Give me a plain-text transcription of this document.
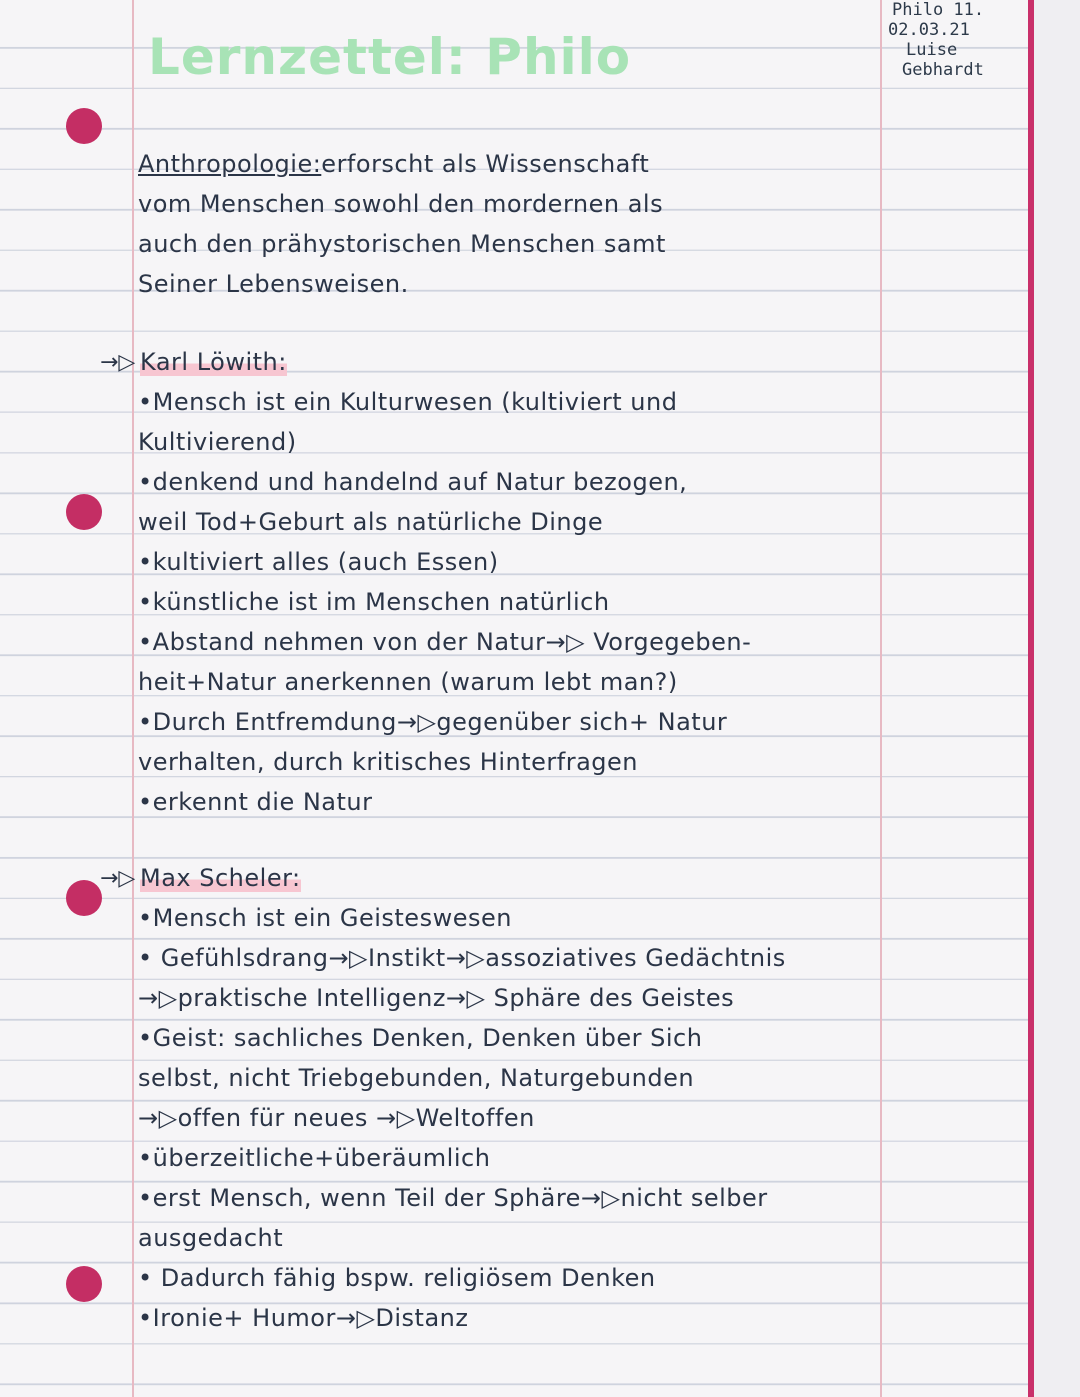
Lernzettel: Philo
Philo 11.
02.03.21
Luise
Gebhardt
Anthropologie:erforscht als Wissenschaft
vom Menschen sowohl den mordernen als
auch den prähystorischen Menschen samt
Seiner Lebensweisen.
→▷ Karl Löwith:
•Mensch ist ein Kulturwesen (kultiviert und
Kultivierend)
•denkend und handelnd auf Natur bezogen,
weil Tod+Geburt als natürliche Dinge
•kultiviert alles (auch Essen)
•künstliche ist im Menschen natürlich
•Abstand nehmen von der Natur→▷ Vorgegeben-
heit+Natur anerkennen (warum lebt man?)
•Durch Entfremdung→▷gegenüber sich+ Natur
verhalten, durch kritisches Hinterfragen
•erkennt die Natur
→▷ Max Scheler:
•Mensch ist ein Geisteswesen
• Gefühlsdrang→▷Instikt→▷assoziatives Gedächtnis
→▷praktische Intelligenz→▷ Sphäre des Geistes
•Geist: sachliches Denken, Denken über Sich
selbst, nicht Triebgebunden, Naturgebunden
→▷offen für neues →▷Weltoffen
•überzeitliche+überäumlich
•erst Mensch, wenn Teil der Sphäre→▷nicht selber
ausgedacht
• Dadurch fähig bspw. religiösem Denken
•Ironie+ Humor→▷Distanz
